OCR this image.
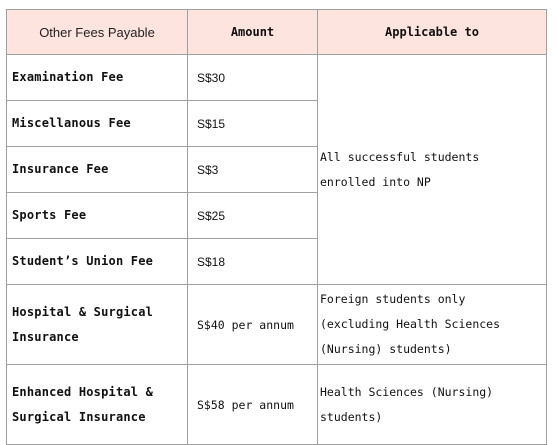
Other Fees Payable	Amount	Applicable to
Examination Fee	S$30	All successful students
enrolled into NP

Miscellanous Fee	S$15	
Insurance Fee	S$3	
Sports Fee	S$25	
Student’s Union Fee	S$18	
Hospital & Surgical
Insurance	S$40 per annum	Foreign students only
(excluding Health Sciences
(Nursing) students)

Enhanced Hospital &
Surgical Insurance	S$58 per annum	Health Sciences (Nursing)
students)
